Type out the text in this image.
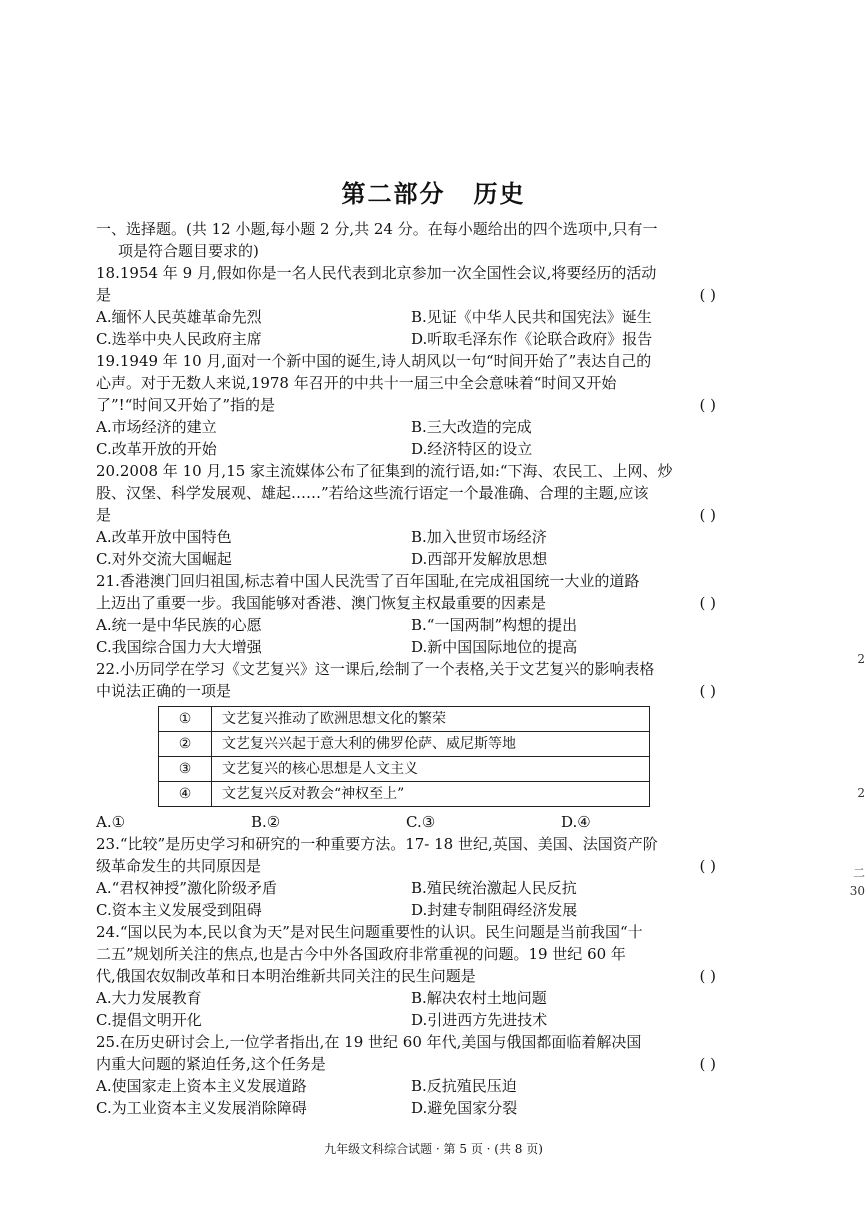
第二部分 历史

一、选择题。(共 12 小题,每小题 2 分,共 24 分。在每小题给出的四个选项中,只有一
项是符合题目要求的)

18.1954 年 9 月,假如你是一名人民代表到北京参加一次全国性会议,将要经历的活动
是	( )
A.缅怀人民英雄革命先烈	B.见证《中华人民共和国宪法》诞生
C.选举中央人民政府主席	D.听取毛泽东作《论联合政府》报告
19.1949 年 10 月,面对一个新中国的诞生,诗人胡风以一句“时间开始了”表达自己的
心声。对于无数人来说,1978 年召开的中共十一届三中全会意味着“时间又开始
了”!“时间又开始了”指的是	( )
A.市场经济的建立	B.三大改造的完成
C.改革开放的开始	D.经济特区的设立
20.2008 年 10 月,15 家主流媒体公布了征集到的流行语,如:“下海、农民工、上网、炒
股、汉堡、科学发展观、雄起……”若给这些流行语定一个最准确、合理的主题,应该
是	( )
A.改革开放中国特色	B.加入世贸市场经济
C.对外交流大国崛起	D.西部开发解放思想
21.香港澳门回归祖国,标志着中国人民洗雪了百年国耻,在完成祖国统一大业的道路
上迈出了重要一步。我国能够对香港、澳门恢复主权最重要的因素是	( )
A.统一是中华民族的心愿	B.“一国两制”构想的提出
C.我国综合国力大大增强	D.新中国国际地位的提高
22.小历同学在学习《文艺复兴》这一课后,绘制了一个表格,关于文艺复兴的影响表格
中说法正确的一项是	( )
①	文艺复兴推动了欧洲思想文化的繁荣
②	文艺复兴兴起于意大利的佛罗伦萨、威尼斯等地
③	文艺复兴的核心思想是人文主义
④	文艺复兴反对教会“神权至上”
A.①	B.②	C.③	D.④
23.“比较”是历史学习和研究的一种重要方法。17- 18 世纪,英国、美国、法国资产阶
级革命发生的共同原因是	( )
A.“君权神授”激化阶级矛盾	B.殖民统治激起人民反抗
C.资本主义发展受到阻碍	D.封建专制阻碍经济发展
24.“国以民为本,民以食为天”是对民生问题重要性的认识。民生问题是当前我国“十
二五”规划所关注的焦点,也是古今中外各国政府非常重视的问题。19 世纪 60 年
代,俄国农奴制改革和日本明治维新共同关注的民生问题是	( )
A.大力发展教育	B.解决农村土地问题
C.提倡文明开化	D.引进西方先进技术
25.在历史研讨会上,一位学者指出,在 19 世纪 60 年代,美国与俄国都面临着解决国
内重大问题的紧迫任务,这个任务是	( )
A.使国家走上资本主义发展道路	B.反抗殖民压迫
C.为工业资本主义发展消除障碍	D.避免国家分裂
2
2
二
30
九年级文科综合试题 · 第 5 页 · (共 8 页)
